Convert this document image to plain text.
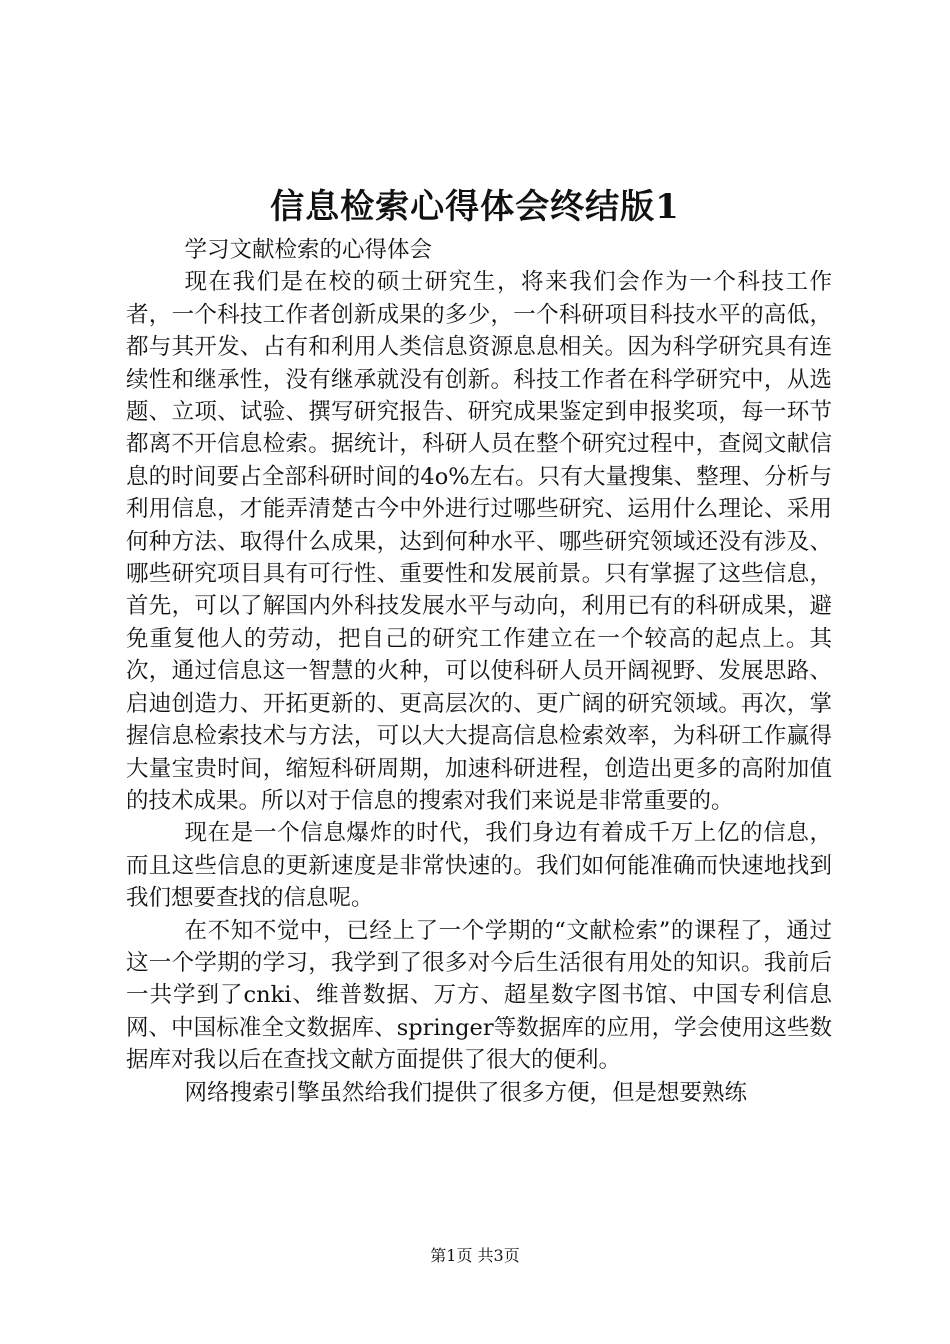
信息检索心得体会终结版1

学习文献检索的心得体会

现在我们是在校的硕士研究生，将来我们会作为一个科技工作者，一个科技工作者创新成果的多少，一个科研项目科技水平的高低，都与其开发、占有和利用人类信息资源息息相关。因为科学研究具有连续性和继承性，没有继承就没有创新。科技工作者在科学研究中，从选题、立项、试验、撰写研究报告、研究成果鉴定到申报奖项，每一环节都离不开信息检索。据统计，科研人员在整个研究过程中，查阅文献信息的时间要占全部科研时间的4o%左右。只有大量搜集、整理、分析与利用信息，才能弄清楚古今中外进行过哪些研究、运用什么理论、采用何种方法、取得什么成果，达到何种水平、哪些研究领域还没有涉及、哪些研究项目具有可行性、重要性和发展前景。只有掌握了这些信息，首先，可以了解国内外科技发展水平与动向，利用已有的科研成果，避免重复他人的劳动，把自己的研究工作建立在一个较高的起点上。其次，通过信息这一智慧的火种，可以使科研人员开阔视野、发展思路、启迪创造力、开拓更新的、更高层次的、更广阔的研究领域。再次，掌握信息检索技术与方法，可以大大提高信息检索效率，为科研工作赢得大量宝贵时间，缩短科研周期，加速科研进程，创造出更多的高附加值的技术成果。所以对于信息的搜索对我们来说是非常重要的。

现在是一个信息爆炸的时代，我们身边有着成千万上亿的信息，而且这些信息的更新速度是非常快速的。我们如何能准确而快速地找到我们想要查找的信息呢。

在不知不觉中，已经上了一个学期的“文献检索”的课程了，通过这一个学期的学习，我学到了很多对今后生活很有用处的知识。我前后一共学到了cnki、维普数据、万方、超星数字图书馆、中国专利信息网、中国标准全文数据库、springer等数据库的应用，学会使用这些数据库对我以后在查找文献方面提供了很大的便利。

网络搜索引擎虽然给我们提供了很多方便，但是想要熟练

第1页 共3页
